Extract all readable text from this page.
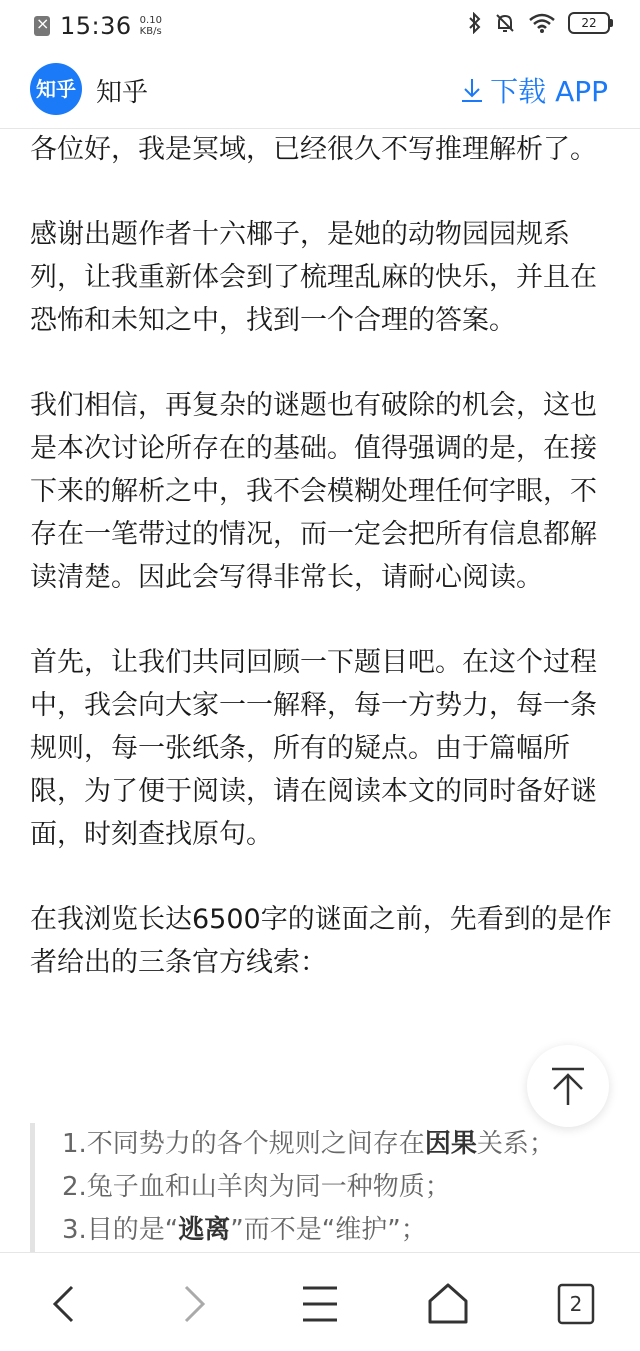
×
15:36 0.10
KB/s
22
知乎 知乎	下载 APP

各位好，我是冥域，已经很久不写推理解析了。

感谢出题作者十六椰子，是她的动物园园规系列，让我重新体会到了梳理乱麻的快乐，并且在恐怖和未知之中，找到一个合理的答案。

我们相信，再复杂的谜题也有破除的机会，这也是本次讨论所存在的基础。值得强调的是，在接下来的解析之中，我不会模糊处理任何字眼，不存在一笔带过的情况，而一定会把所有信息都解读清楚。因此会写得非常长，请耐心阅读。

首先，让我们共同回顾一下题目吧。在这个过程中，我会向大家一一解释，每一方势力，每一条规则，每一张纸条，所有的疑点。由于篇幅所限，为了便于阅读，请在阅读本文的同时备好谜面，时刻查找原句。

在我浏览长达6500字的谜面之前，先看到的是作者给出的三条官方线索：

1.不同势力的各个规则之间存在因果关系；
2.兔子血和山羊肉为同一种物质；
3.目的是“逃离”而不是“维护”；
2
